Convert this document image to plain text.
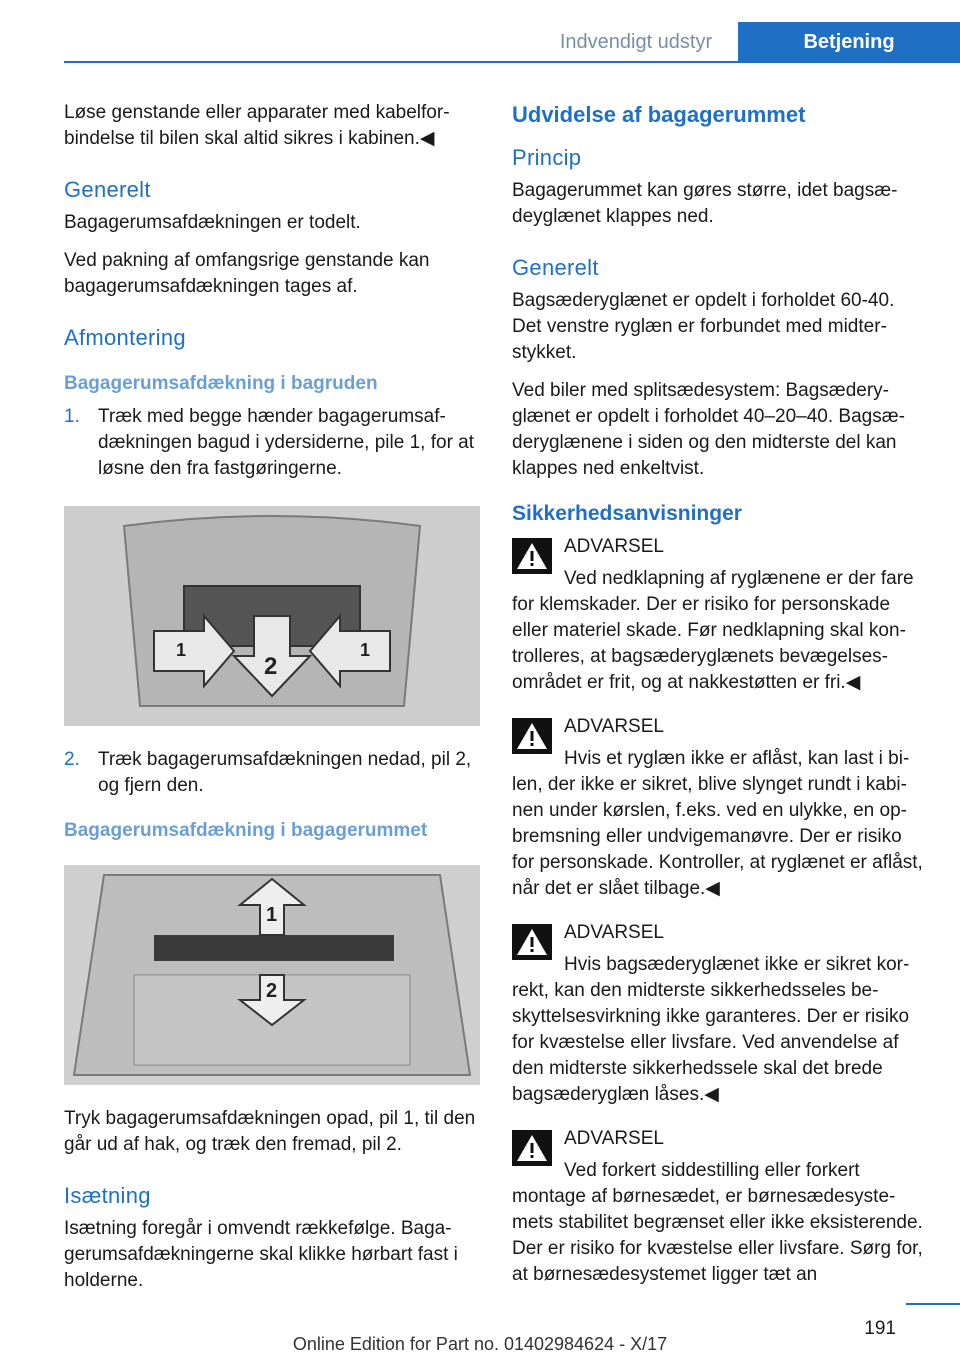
Indvendigt udstyr	Betjening

Løse genstande eller apparater med kabelforbindelse til bilen skal altid sikres i kabinen.◀

Generelt

Bagagerumsafdækningen er todelt.

Ved pakning af omfangsrige genstande kan bagagerumsafdækningen tages af.

Afmontering
Bagagerumsafdækning i bagruden
1. Træk med begge hænder bagagerumsafdækningen bagud i ydersiderne, pile 1, for at løsne den fra fastgøringerne.
1
2
1
2. Træk bagagerumsafdækningen nedad, pil 2, og fjern den.
Bagagerumsafdækning i bagagerummet
1
2

Tryk bagagerumsafdækningen opad, pil 1, til den går ud af hak, og træk den fremad, pil 2.

Isætning

Isætning foregår i omvendt rækkefølge. Bagagerumsafdækningerne skal klikke hørbart fast i holderne.

Udvidelse af bagagerummet
Princip

Bagagerummet kan gøres større, idet bagsædeyglænet klappes ned.

Generelt

Bagsæderyglænet er opdelt i forholdet 60-40. Det venstre ryglæn er forbundet med midterstykket.

Ved biler med splitsædesystem: Bagsæderyglænet er opdelt i forholdet 40–20–40. Bagsæderyglænene i siden og den midterste del kan klappes ned enkeltvist.

Sikkerhedsanvisninger
ADVARSEL
Ved nedklapning af ryglænene er der fare for klemskader. Der er risiko for personskade eller materiel skade. Før nedklapning skal kontrolleres, at bagsæderyglænets bevægelsesområdet er frit, og at nakkestøtten er fri.◀
ADVARSEL
Hvis et ryglæn ikke er aflåst, kan last i bilen, der ikke er sikret, blive slynget rundt i kabinen under kørslen, f.eks. ved en ulykke, en opbremsning eller undvigemanøvre. Der er risiko for personskade. Kontroller, at ryglænet er aflåst, når det er slået tilbage.◀
ADVARSEL
Hvis bagsæderyglænet ikke er sikret korrekt, kan den midterste sikkerhedsseles beskyttelsesvirkning ikke garanteres. Der er risiko for kvæstelse eller livsfare. Ved anvendelse af den midterste sikkerhedssele skal det brede bagsæderyglæn låses.◀
ADVARSEL
Ved forkert siddestilling eller forkert montage af børnesædet, er børnesædesystemets stabilitet begrænset eller ikke eksisterende. Der er risiko for kvæstelse eller livsfare. Sørg for, at børnesædesystemet ligger tæt an
191
Online Edition for Part no. 01402984624 - X/17
